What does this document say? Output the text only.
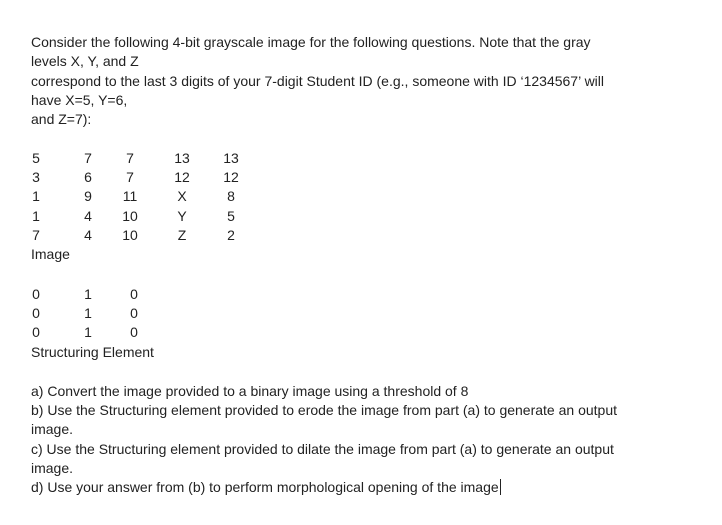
Consider the following 4-bit grayscale image for the following questions. Note that the gray
levels X, Y, and Z
correspond to the last 3 digits of your 7-digit Student ID (e.g., someone with ID ‘1234567’ will
have X=5, Y=6,
and Z=7):
5	7	7	13	13
3	6	7	12	12
1	9	11	X	8
1	4	10	Y	5
7	4	10	Z	2
Image
0	1	0
0	1	0
0	1	0
Structuring Element
a) Convert the image provided to a binary image using a threshold of 8
b) Use the Structuring element provided to erode the image from part (a) to generate an output
image.
c) Use the Structuring element provided to dilate the image from part (a) to generate an output
image.
d) Use your answer from (b) to perform morphological opening of the image
